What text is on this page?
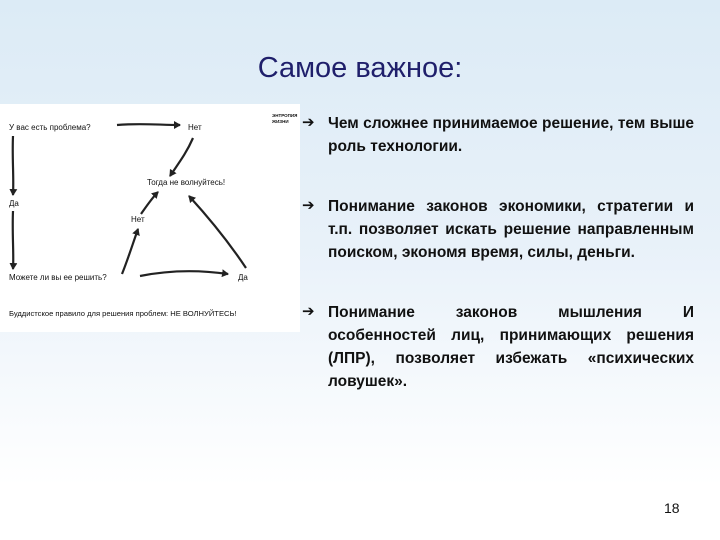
Самое важное:
У вас есть проблема?	Нет
ЭНТРОПИЯ
ЖИЗНИ
Тогда не волнуйтесь!
Да
Нет
Можете ли вы ее решить?	Да
Буддистское правило для решения проблем: НЕ ВОЛНУЙТЕСЬ!
➔ Чем сложнее принимаемое решение, тем выше роль технологии.
➔ Понимание законов экономики, стратегии и т.п. позволяет искать решение направленным поиском, экономя время, силы, деньги.
➔ Понимание законов мышления И особенностей лиц, принимающих решения (ЛПР), позволяет избежать «психических ловушек».
18
